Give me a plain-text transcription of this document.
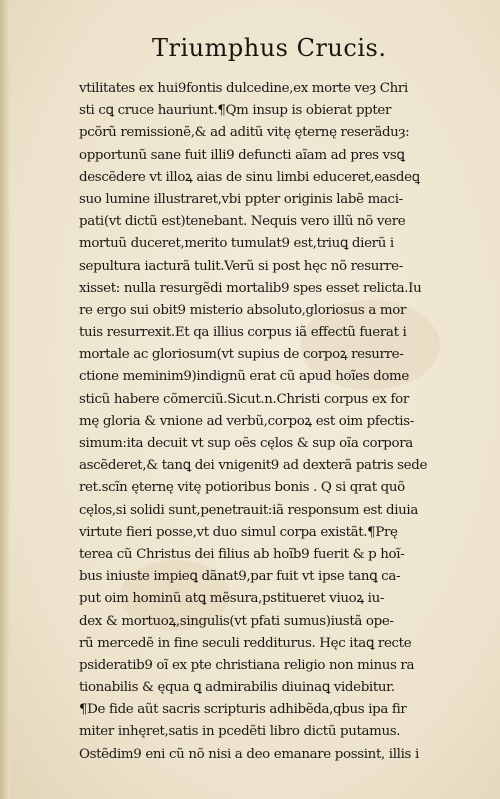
Triumphus Crucis.
vtilitates ex hui9fontis dulcedine,ex morte veȝ Chri
sti cꝗ cruce hauriunt.¶Qm insup is obierat ppter
pcõrũ remissionẽ,& ad aditũ vitę ęternę reserãduȝ:
opportunũ sane fuit illi9 defuncti aĩam ad pres vsꝗ
descẽdere vt illoꝝ aias de sinu limbi educeret,easdeꝗ
suo lumine illustraret,vbi ppter originis labẽ maci-
pati(vt dictũ est)tenebant. Nequis vero illũ nõ vere
mortuũ duceret,merito tumulat9 est,triuꝗ dierũ i
sepultura iacturã tulit.Verũ si post hęc nõ resurre-
xisset: nulla resurgẽdi mortalib9 spes esset relicta.Iu
re ergo sui obit9 misterio absoluto,gloriosus a mor
tuis resurrexit.Et qa illius corpus iã effectũ fuerat i
mortale ac gloriosum(vt supius de corpoꝝ resurre-
ctione meminim9)indignũ erat cũ apud hoĩes dome
sticũ habere cõmerciũ.Sicut.n.Christi corpus ex for
mę gloria & vnione ad verbũ,corpoꝝ est oim pfectis-
simum:ita decuit vt sup oẽs cęlos & sup oĩa corpora
ascẽderet,& tanꝗ dei vnigenit9 ad dexterã patris sede
ret.scĩn ęternę vitę potioribus bonis . Q si qrat quõ
cęlos,si solidi sunt,penetrauit:iã responsum est diuia
virtute fieri posse,vt duo simul corpa existãt.¶Prę
terea cũ Christus dei filius ab hoĩb9 fuerit & p hoĩ-
bus iniuste impieꝗ dãnat9,par fuit vt ipse tanꝗ ca-
put oim hominũ atꝗ mẽsura,pstitueret viuoꝝ iu-
dex & mortuoꝝ,singulis(vt pfati sumus)iustã ope-
rũ mercedẽ in fine seculi redditurus. Hęc itaꝗ recte
psideratib9 oĩ ex pte christiana religio non minus ra
tionabilis & ęqua ꝗ admirabilis diuinaꝗ videbitur.
¶De fide aũt sacris scripturis adhibẽda,qbus ipa fir
miter inhęret,satis in pcedẽti libro dictũ putamus.
Ostẽdim9 eni cũ nõ nisi a deo emanare possint, illis i
